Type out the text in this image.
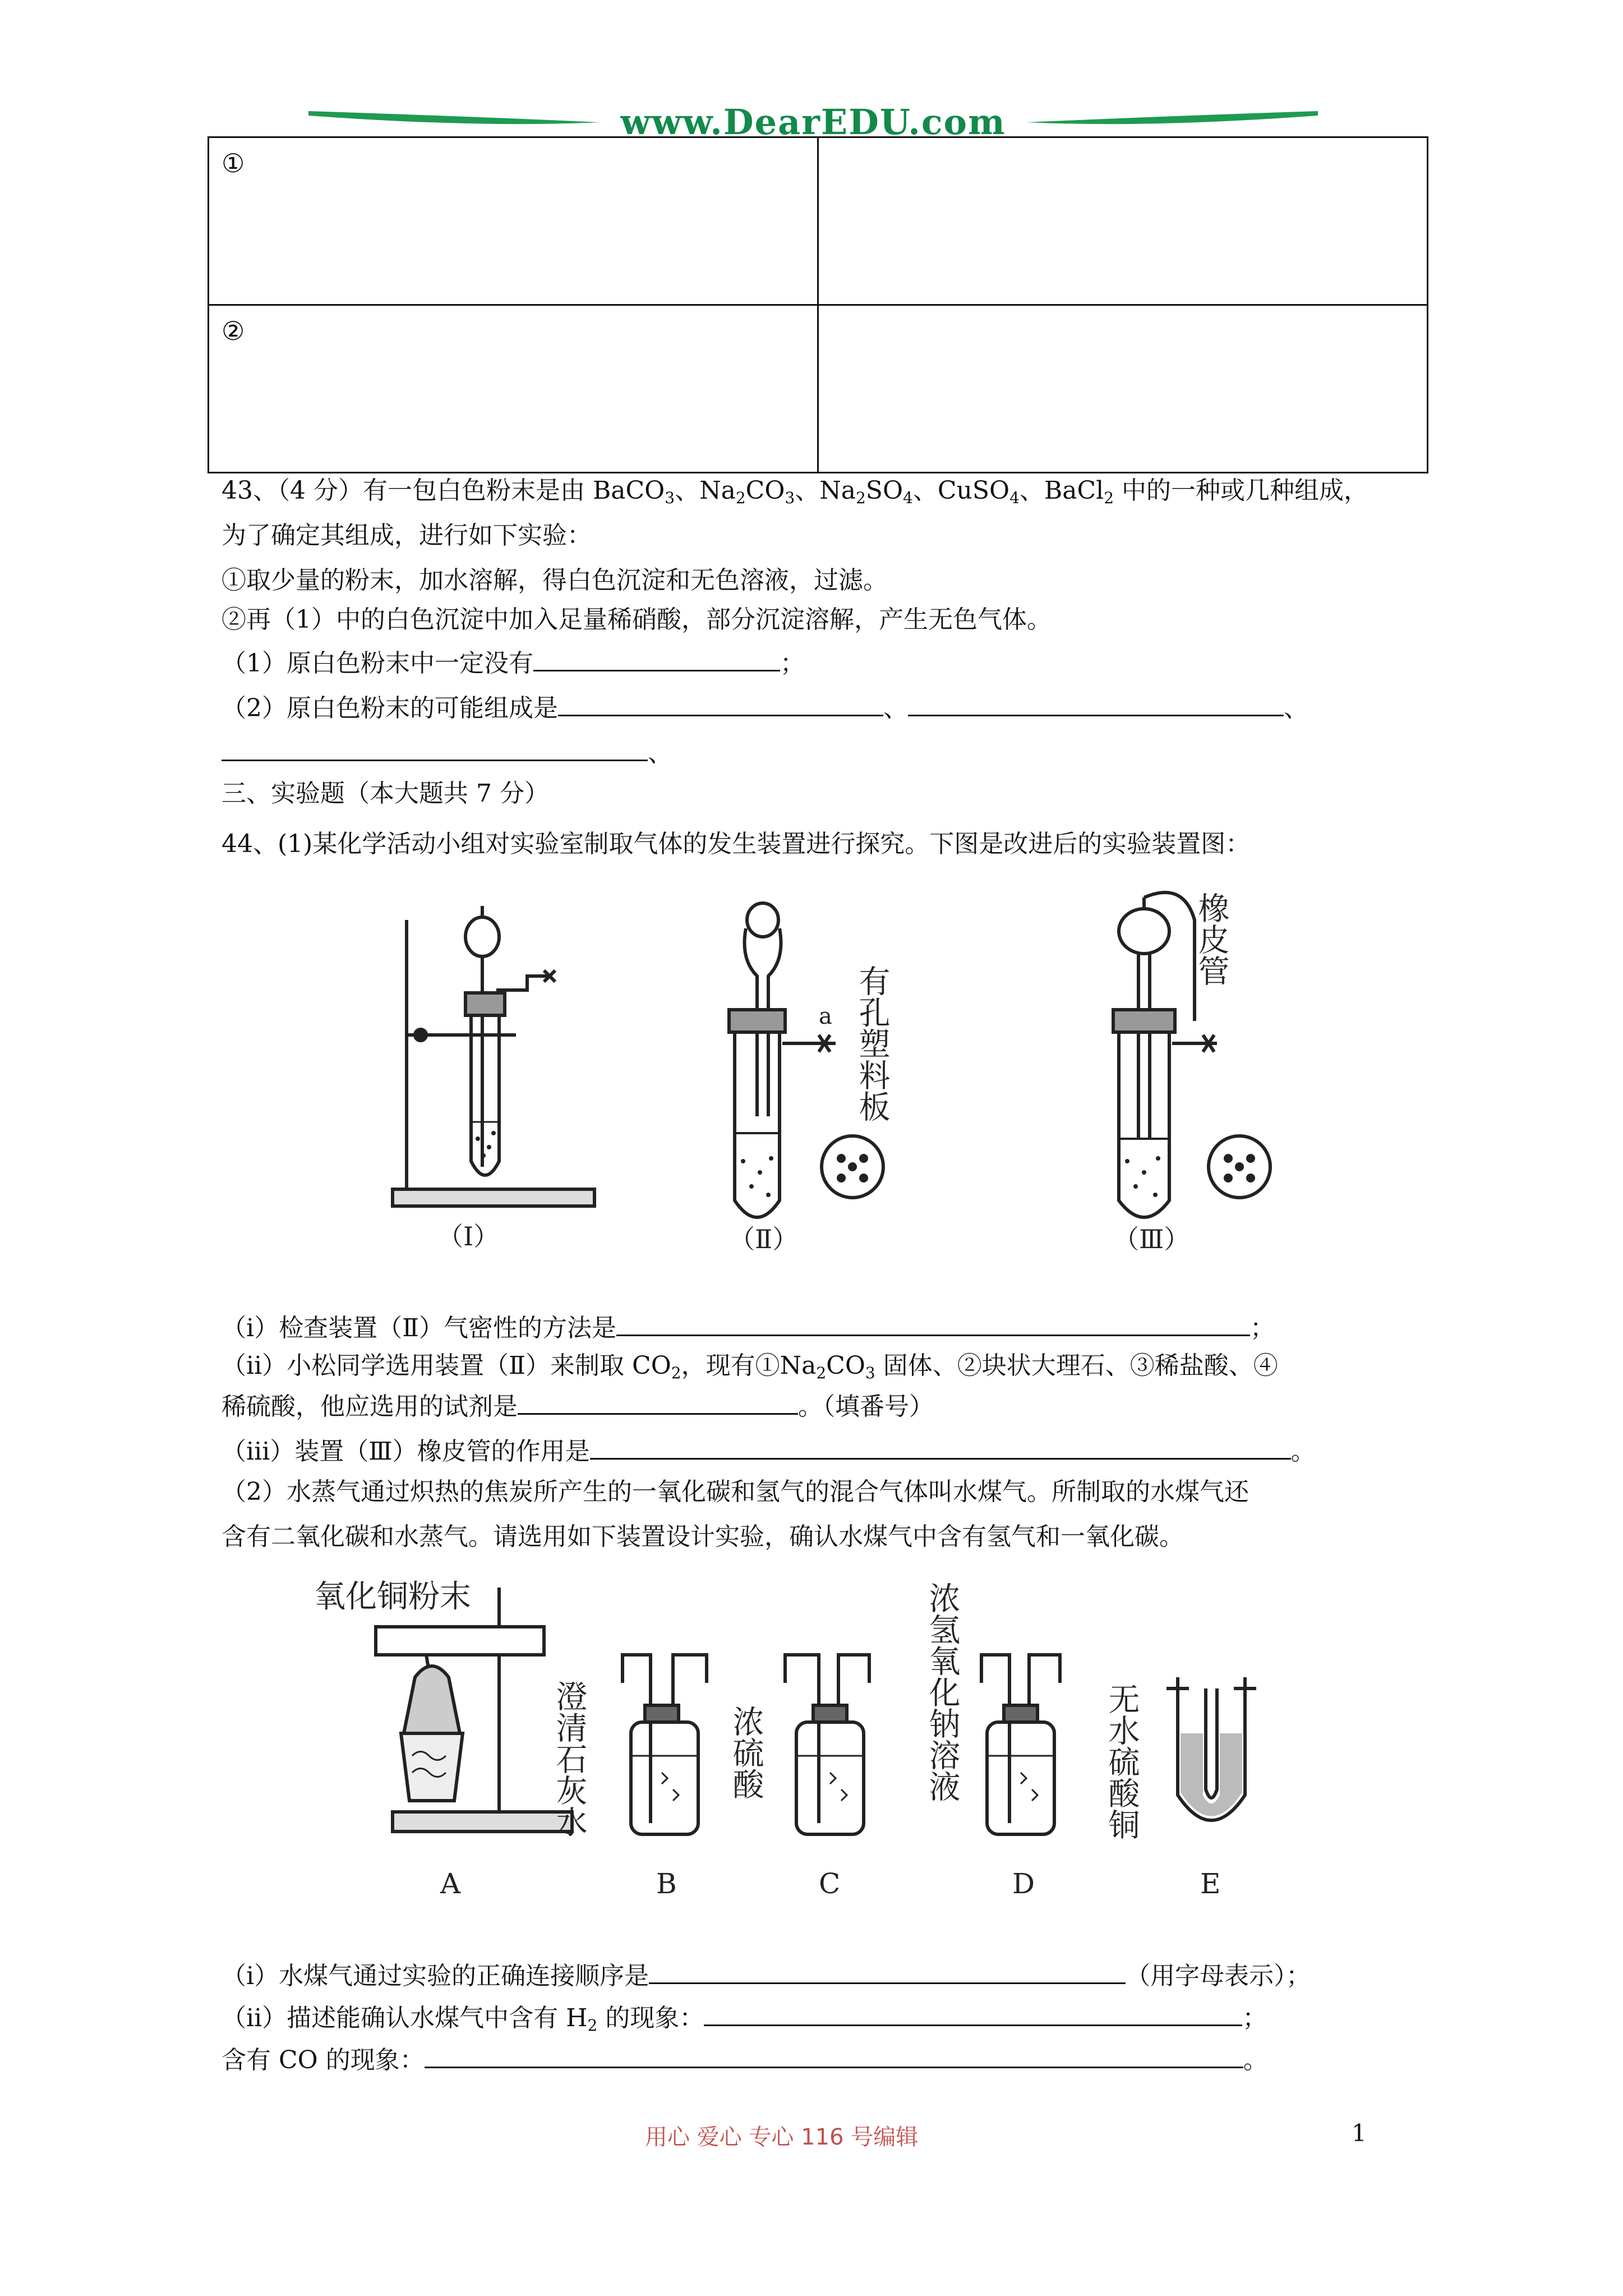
www.DearEDU.com
①	
②	
43、（4 分）有一包白色粉末是由 BaCO$_3$、$Na_2CO_3$、$Na_2SO_4$、CuSO$_4$、BaCl$_2$ 中的一种或几种组成，
为了确定其组成，进行如下实验：
①取少量的粉末，加水溶解，得白色沉淀和无色溶液，过滤。
②再（1）中的白色沉淀中加入足量稀硝酸，部分沉淀溶解，产生无色气体。
（1）原白色粉末中一定没有	；
（2）原白色粉末的可能组成是	、	、
、
三、实验题（本大题共 7 分）
44、(1)某化学活动小组对实验室制取气体的发生装置进行探究。下图是改进后的实验装置图：
（Ⅰ）
a
（Ⅱ）
有孔塑料板
（Ⅲ）
橡皮管
（ⅰ）检查装置（Ⅱ）气密性的方法是	；
（ⅱ）小松同学选用装置（Ⅱ）来制取 $CO_2$，现有$①Na_2CO_3$ 固体、②块状大理石、③稀盐酸、④
稀硫酸，他应选用的试剂是	。（填番号）
（ⅲ）装置（Ⅲ）橡皮管的作用是	。
（2）水蒸气通过炽热的焦炭所产生的一氧化碳和氢气的混合气体叫水煤气。所制取的水煤气还
含有二氧化碳和水蒸气。请选用如下装置设计实验，确认水煤气中含有氢气和一氧化碳。
氧化铜粉末
A
澄清石灰水
B
浓硫酸
C
浓氢氧化钠溶液
D
无水硫酸铜
E
（ⅰ）水煤气通过实验的正确连接顺序是	（用字母表示）；
（ⅱ）描述能确认水煤气中含有 $H_2$ 的现象：	；
含有 CO 的现象：	。
用心 爱心 专心 116 号编辑	1
